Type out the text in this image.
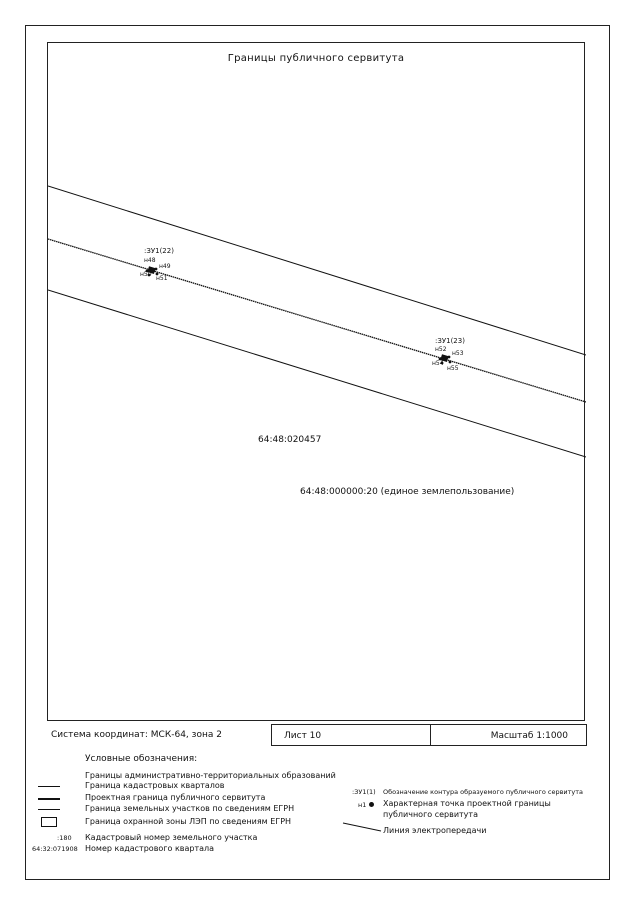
Границы публичного сервитута
:ЗУ1(22)
н48
н49
н50
н51
:ЗУ1(23)
н52
н53
н54
н55
64:48:020457
64:48:000000:20 (единое землепользование)
Система координат: МСК-64, зона 2	Лист 10	Масштаб 1:1000
Условные обозначения:
Границы административно-территориальных образований
Граница кадастровых кварталов
Проектная граница публичного сервитута
Граница земельных участков по сведениям ЕГРН
Граница охранной зоны ЛЭП по сведениям ЕГРН
:180 Кадастровый номер земельного участка
64:32:071908 Номер кадастрового квартала
:ЗУ1(1) Обозначение контура образуемого публичного сервитута
н1 Характерная точка проектной границы
публичного сервитута
Линия электропередачи
